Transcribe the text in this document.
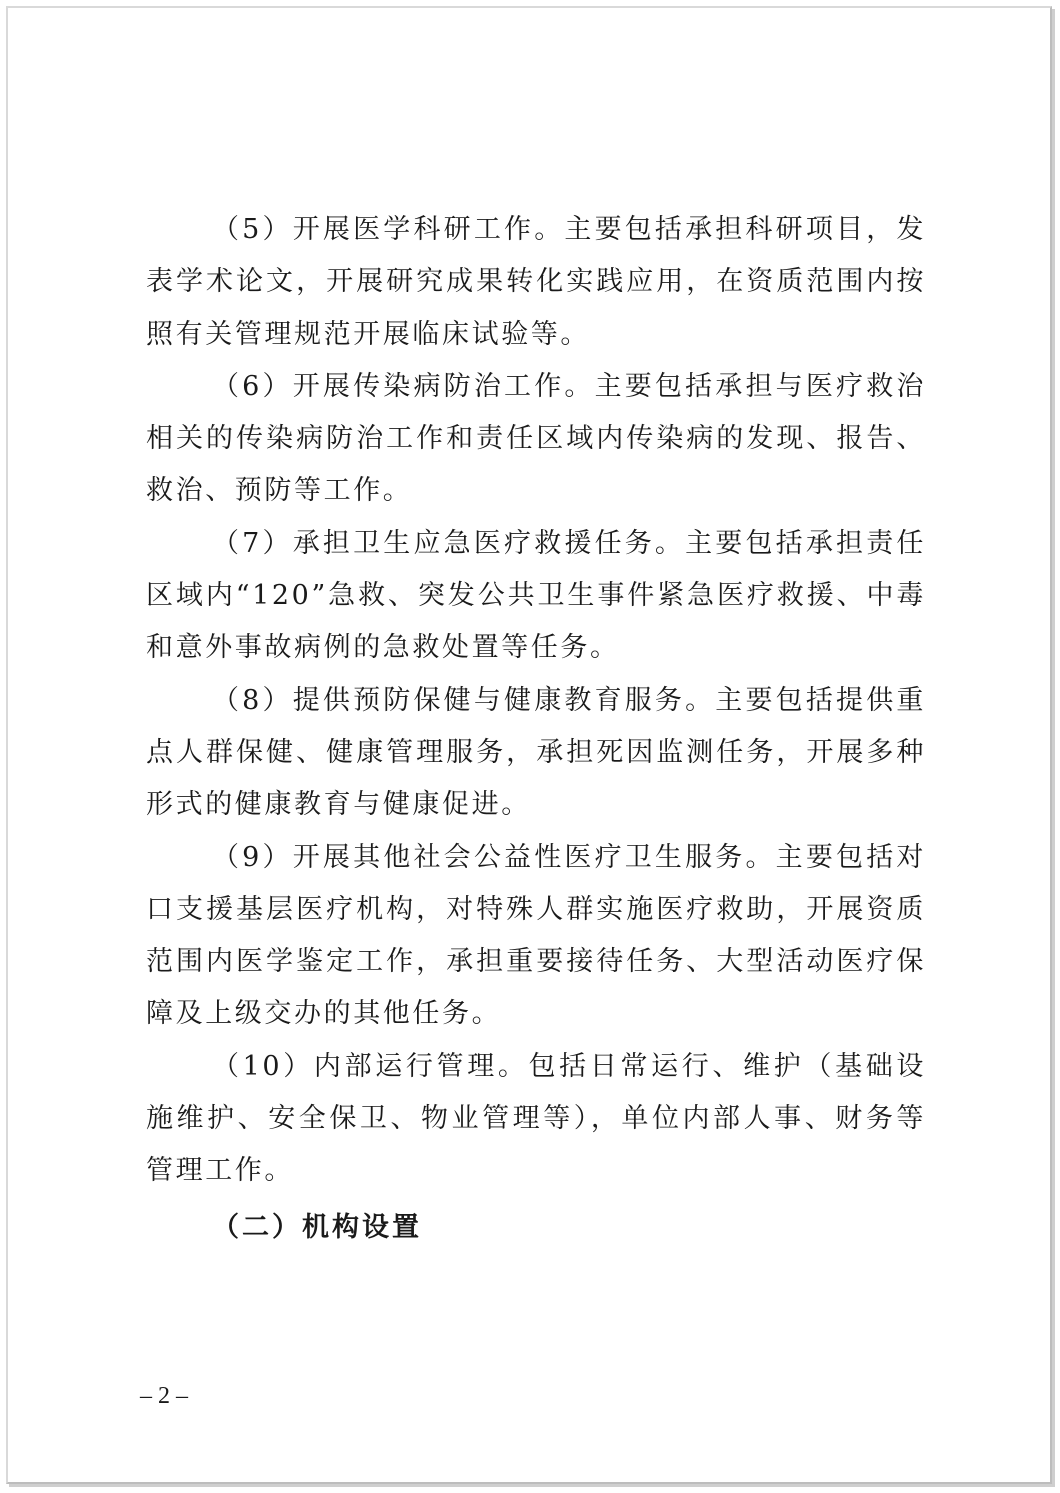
（5）开展医学科研工作。主要包括承担科研项目，发表学术论文，开展研究成果转化实践应用，在资质范围内按照有关管理规范开展临床试验等。

（6）开展传染病防治工作。主要包括承担与医疗救治相关的传染病防治工作和责任区域内传染病的发现、报告、救治、预防等工作。

（7）承担卫生应急医疗救援任务。主要包括承担责任区域内“120”急救、突发公共卫生事件紧急医疗救援、中毒和意外事故病例的急救处置等任务。

（8）提供预防保健与健康教育服务。主要包括提供重点人群保健、健康管理服务，承担死因监测任务，开展多种形式的健康教育与健康促进。

（9）开展其他社会公益性医疗卫生服务。主要包括对口支援基层医疗机构，对特殊人群实施医疗救助，开展资质范围内医学鉴定工作，承担重要接待任务、大型活动医疗保障及上级交办的其他任务。

（10）内部运行管理。包括日常运行、维护（基础设施维护、安全保卫、物业管理等），单位内部人事、财务等管理工作。

（二）机构设置

– 2 –
